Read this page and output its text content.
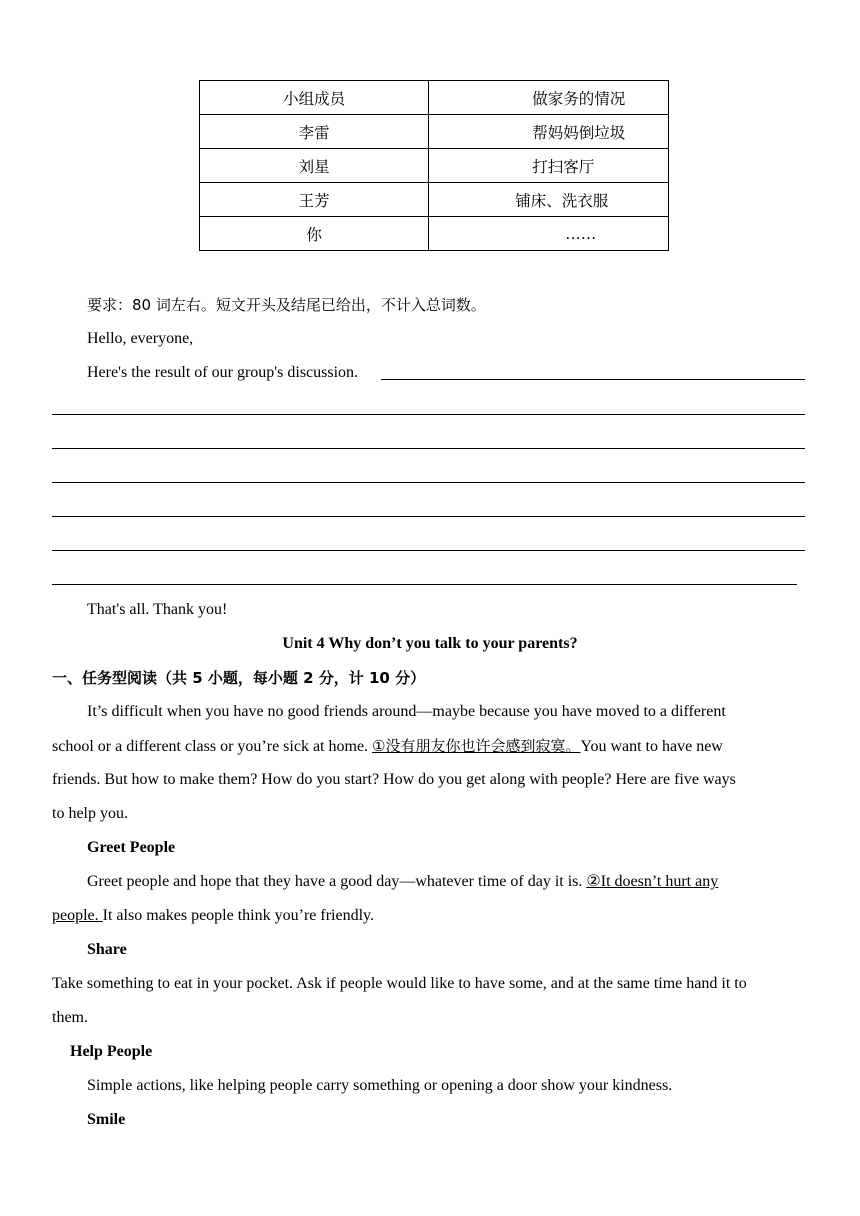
小组成员	做家务的情况
李雷	帮妈妈倒垃圾
刘星	打扫客厅
王芳	铺床、洗衣服
你	……
要求：80 词左右。短文开头及结尾已给出，不计入总词数。
Hello, everyone,
Here's the result of our group's discussion.
That's all. Thank you!
Unit 4 Why don’t you talk to your parents?
一、任务型阅读（共 5 小题，每小题 2 分，计 10 分）
It’s difficult when you have no good friends around—maybe because you have moved to a different
school or a different class or you’re sick at home. ①没有朋友你也许会感到寂寞。You want to have new
friends. But how to make them? How do you start? How do you get along with people? Here are five ways
to help you.
Greet People
Greet people and hope that they have a good day—whatever time of day it is. ②It doesn’t hurt any
people. It also makes people think you’re friendly.
Share
Take something to eat in your pocket. Ask if people would like to have some, and at the same time hand it to
them.
Help People
Simple actions, like helping people carry something or opening a door show your kindness.
Smile
